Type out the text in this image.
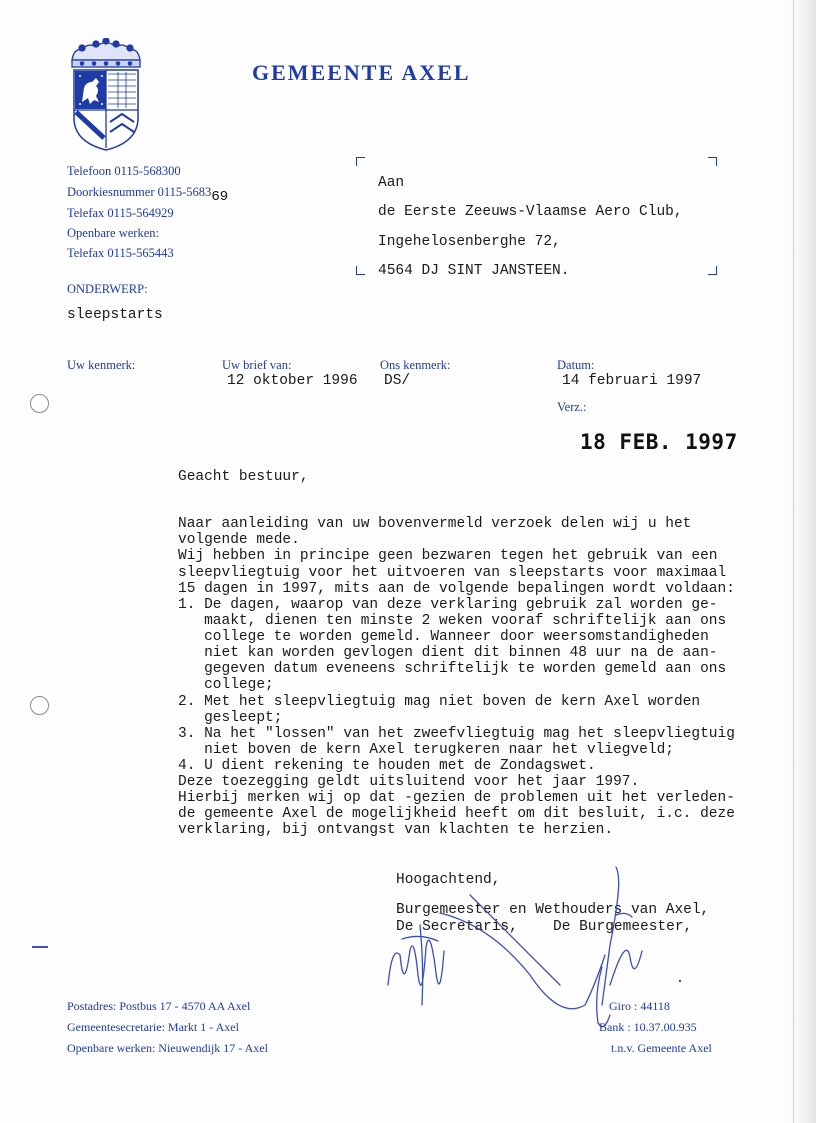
GEMEENTE AXEL
Telefoon 0115-568300
Doorkiesnummer 0115-568369
Telefax 0115-564929
Openbare werken:
Telefax 0115-565443
ONDERWERP:
sleepstarts
Aan
de Eerste Zeeuws-Vlaamse Aero Club,
Ingehelosenberghe 72,
4564 DJ SINT JANSTEEN.
Uw kenmerk:	Uw brief van:
12 oktober 1996
Ons kenmerk:
DS/
Datum:
14 februari 1997
Verz.:
18 FEB. 1997
Geacht bestuur,
Naar aanleiding van uw bovenvermeld verzoek delen wij u het
volgende mede.
Wij hebben in principe geen bezwaren tegen het gebruik van een
sleepvliegtuig voor het uitvoeren van sleepstarts voor maximaal
15 dagen in 1997, mits aan de volgende bepalingen wordt voldaan:
1. De dagen, waarop van deze verklaring gebruik zal worden ge-
maakt, dienen ten minste 2 weken vooraf schriftelijk aan ons
college te worden gemeld. Wanneer door weersomstandigheden
niet kan worden gevlogen dient dit binnen 48 uur na de aan-
gegeven datum eveneens schriftelijk te worden gemeld aan ons
college;
2. Met het sleepvliegtuig mag niet boven de kern Axel worden
gesleept;
3. Na het "lossen" van het zweefvliegtuig mag het sleepvliegtuig
niet boven de kern Axel terugkeren naar het vliegveld;
4. U dient rekening te houden met de Zondagswet.
Deze toezegging geldt uitsluitend voor het jaar 1997.
Hierbij merken wij op dat -gezien de problemen uit het verleden-
de gemeente Axel de mogelijkheid heeft om dit besluit, i.c. deze
verklaring, bij ontvangst van klachten te herzien.
Hoogachtend,
Burgemeester en Wethouders van Axel,
De Secretaris, De Burgemeester,
Postadres: Postbus 17 - 4570 AA Axel
Gemeentesecretarie: Markt 1 - Axel
Openbare werken: Nieuwendijk 17 - Axel
Giro : 44118
Bank : 10.37.00.935
t.n.v. Gemeente Axel
